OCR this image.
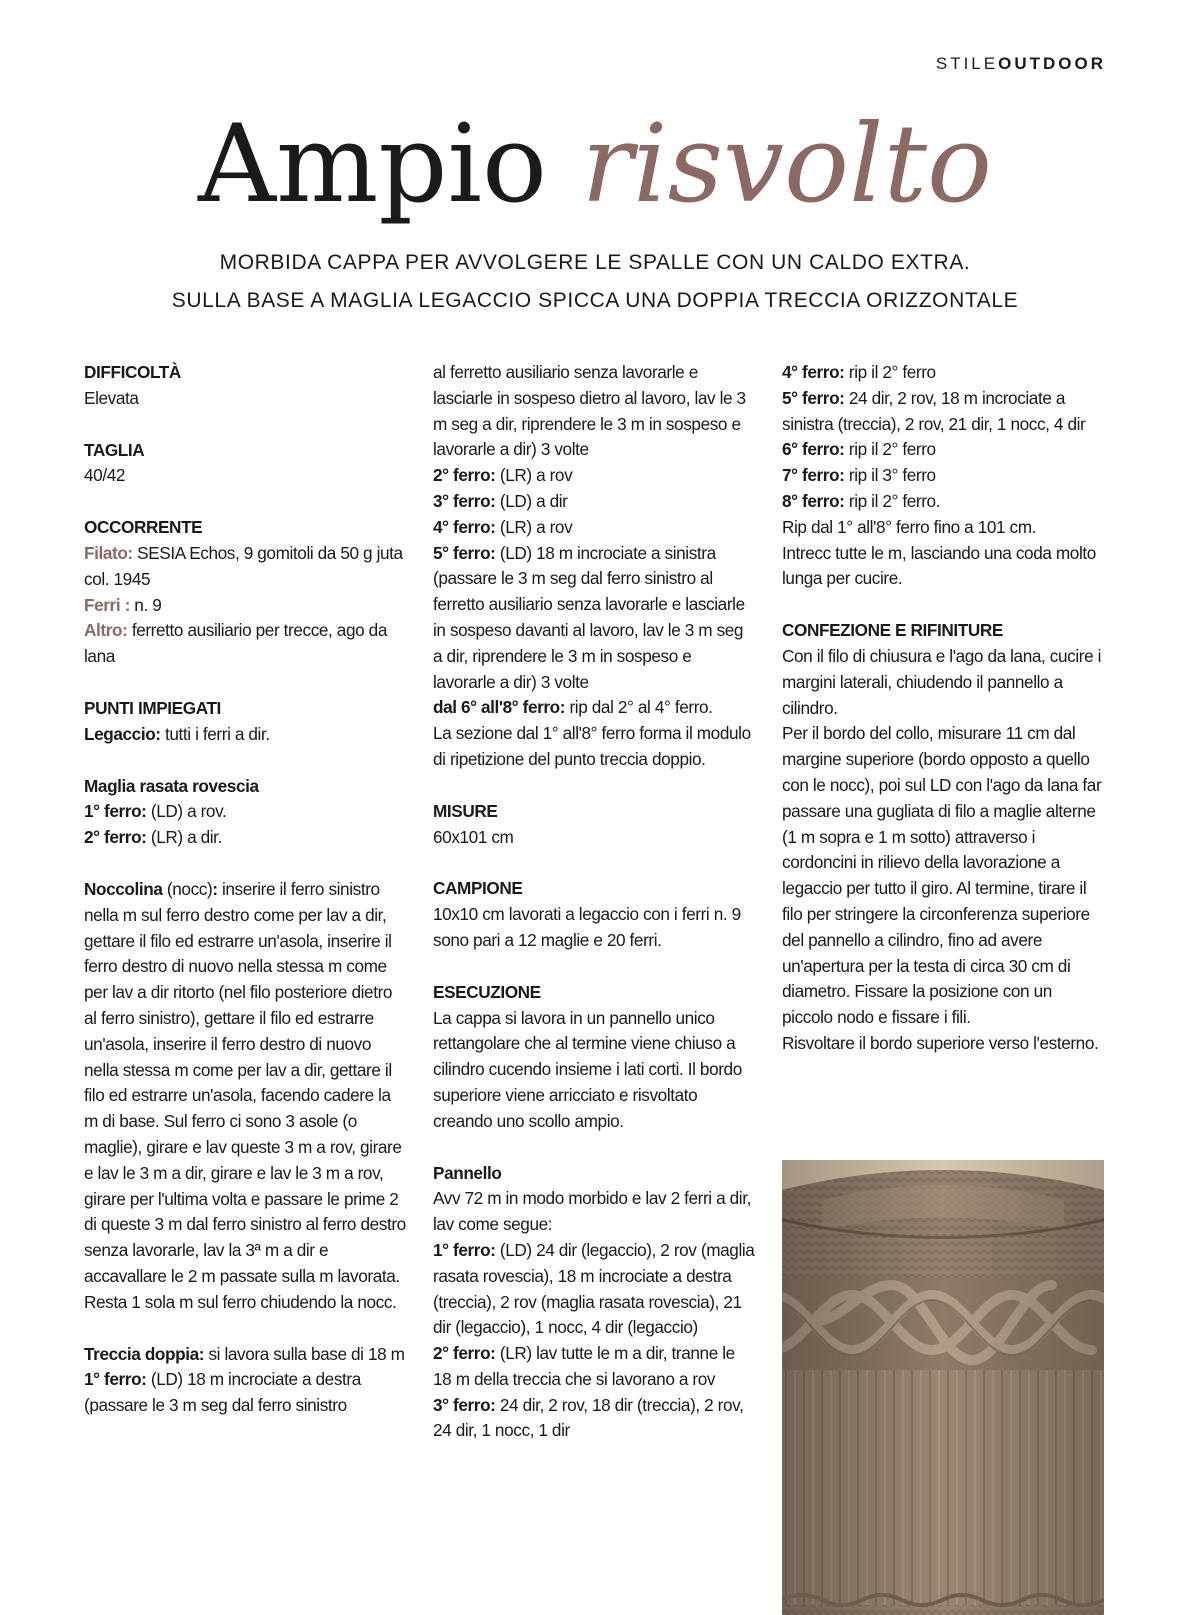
STILEOUTDOOR
Ampio risvolto
MORBIDA CAPPA PER AVVOLGERE LE SPALLE CON UN CALDO EXTRA.
SULLA BASE A MAGLIA LEGACCIO SPICCA UNA DOPPIA TRECCIA ORIZZONTALE

DIFFICOLTÀ

Elevata

TAGLIA

40/42

OCCORRENTE

Filato: SESIA Echos, 9 gomitoli da 50 g juta col. 1945

Ferri : n. 9

Altro: ferretto ausiliario per trecce, ago da lana

PUNTI IMPIEGATI

Legaccio: tutti i ferri a dir.

Maglia rasata rovescia

1° ferro: (LD) a rov.

2° ferro: (LR) a dir.

Noccolina (nocc): inserire il ferro sinistro nella m sul ferro destro come per lav a dir, gettare il filo ed estrarre un'asola, inserire il ferro destro di nuovo nella stessa m come per lav a dir ritorto (nel filo posteriore dietro al ferro sinistro), gettare il filo ed estrarre un'asola, inserire il ferro destro di nuovo nella stessa m come per lav a dir, gettare il filo ed estrarre un'asola, facendo cadere la m di base. Sul ferro ci sono 3 asole (o maglie), girare e lav queste 3 m a rov, girare e lav le 3 m a dir, girare e lav le 3 m a rov, girare per l'ultima volta e passare le prime 2 di queste 3 m dal ferro sinistro al ferro destro senza lavorarle, lav la 3ª m a dir e accavallare le 2 m passate sulla m lavorata.

Resta 1 sola m sul ferro chiudendo la nocc.

Treccia doppia: si lavora sulla base di 18 m

1° ferro: (LD) 18 m incrociate a destra (passare le 3 m seg dal ferro sinistro

al ferretto ausiliario senza lavorarle e lasciarle in sospeso dietro al lavoro, lav le 3 m seg a dir, riprendere le 3 m in sospeso e lavorarle a dir) 3 volte

2° ferro: (LR) a rov

3° ferro: (LD) a dir

4° ferro: (LR) a rov

5° ferro: (LD) 18 m incrociate a sinistra (passare le 3 m seg dal ferro sinistro al ferretto ausiliario senza lavorarle e lasciarle in sospeso davanti al lavoro, lav le 3 m seg a dir, riprendere le 3 m in sospeso e lavorarle a dir) 3 volte

dal 6° all'8° ferro: rip dal 2° al 4° ferro.

La sezione dal 1° all'8° ferro forma il modulo di ripetizione del punto treccia doppio.

MISURE

60x101 cm

CAMPIONE

10x10 cm lavorati a legaccio con i ferri n. 9 sono pari a 12 maglie e 20 ferri.

ESECUZIONE

La cappa si lavora in un pannello unico rettangolare che al termine viene chiuso a cilindro cucendo insieme i lati corti. Il bordo superiore viene arricciato e risvoltato creando uno scollo ampio.

Pannello

Avv 72 m in modo morbido e lav 2 ferri a dir, lav come segue:

1° ferro: (LD) 24 dir (legaccio), 2 rov (maglia rasata rovescia), 18 m incrociate a destra (treccia), 2 rov (maglia rasata rovescia), 21 dir (legaccio), 1 nocc, 4 dir (legaccio)

2° ferro: (LR) lav tutte le m a dir, tranne le 18 m della treccia che si lavorano a rov

3° ferro: 24 dir, 2 rov, 18 dir (treccia), 2 rov, 24 dir, 1 nocc, 1 dir

4° ferro: rip il 2° ferro

5° ferro: 24 dir, 2 rov, 18 m incrociate a sinistra (treccia), 2 rov, 21 dir, 1 nocc, 4 dir

6° ferro: rip il 2° ferro

7° ferro: rip il 3° ferro

8° ferro: rip il 2° ferro.

Rip dal 1° all'8° ferro fino a 101 cm.

Intrecc tutte le m, lasciando una coda molto lunga per cucire.

CONFEZIONE E RIFINITURE

Con il filo di chiusura e l'ago da lana, cucire i margini laterali, chiudendo il pannello a cilindro.

Per il bordo del collo, misurare 11 cm dal margine superiore (bordo opposto a quello con le nocc), poi sul LD con l'ago da lana far passare una gugliata di filo a maglie alterne (1 m sopra e 1 m sotto) attraverso i cordoncini in rilievo della lavorazione a legaccio per tutto il giro. Al termine, tirare il filo per stringere la circonferenza superiore del pannello a cilindro, fino ad avere un'apertura per la testa di circa 30 cm di diametro. Fissare la posizione con un piccolo nodo e fissare i fili.

Risvoltare il bordo superiore verso l'esterno.
